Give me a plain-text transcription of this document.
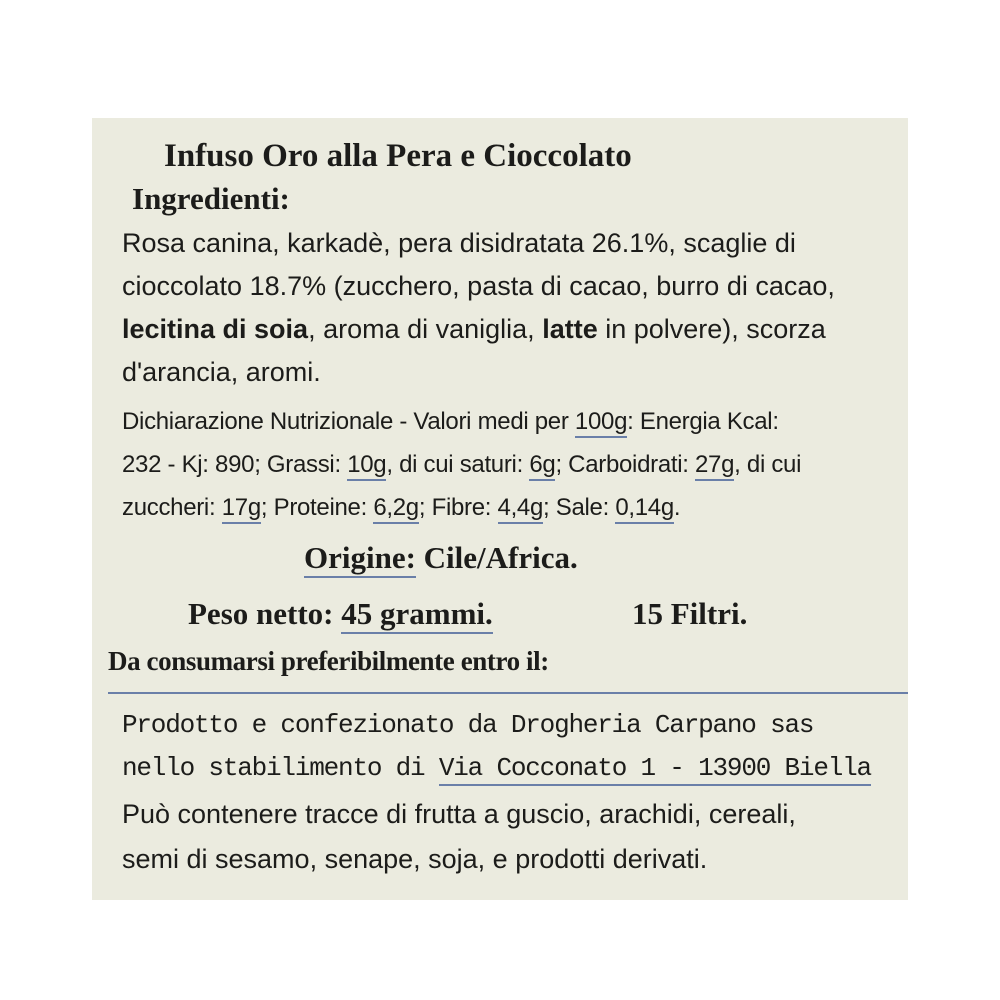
Infuso Oro alla Pera e Cioccolato
Ingredienti:
Rosa canina, karkadè, pera disidratata 26.1%, scaglie di
cioccolato 18.7% (zucchero, pasta di cacao, burro di cacao,
lecitina di soia, aroma di vaniglia, latte in polvere), scorza
d'arancia, aromi.
Dichiarazione Nutrizionale - Valori medi per 100g: Energia Kcal:
232 - Kj: 890; Grassi: 10g, di cui saturi: 6g; Carboidrati: 27g, di cui
zuccheri: 17g; Proteine: 6,2g; Fibre: 4,4g; Sale: 0,14g.
Origine: Cile/Africa.
Peso netto: 45 grammi.	15 Filtri.
Da consumarsi preferibilmente entro il:
Prodotto e confezionato da Drogheria Carpano sas
nello stabilimento di Via Cocconato 1 - 13900 Biella
Può contenere tracce di frutta a guscio, arachidi, cereali,
semi di sesamo, senape, soja, e prodotti derivati.
